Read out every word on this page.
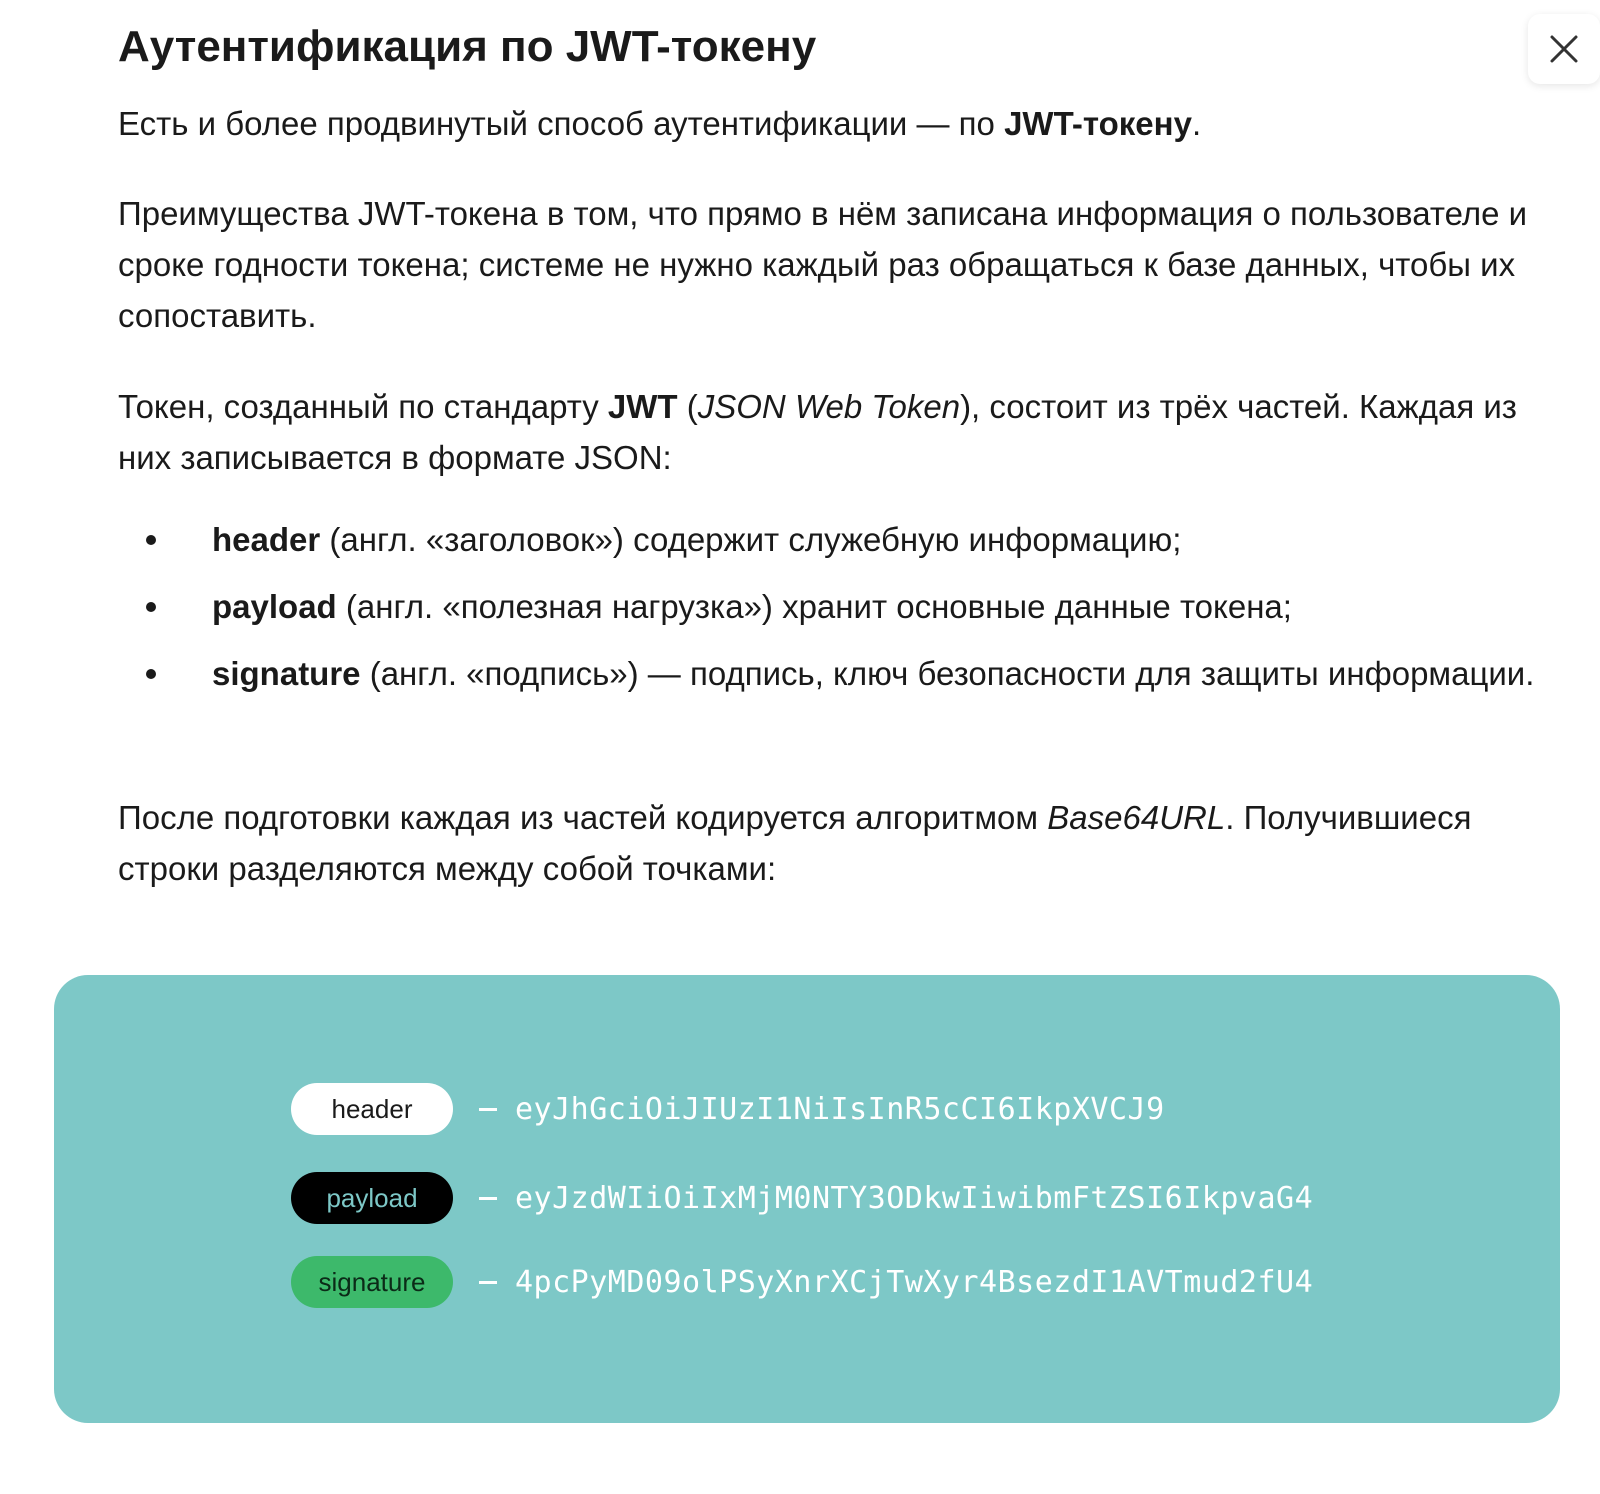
Аутентификация по JWT-токену

Есть и более продвинутый способ аутентификации — по JWT-токену.

Преимущества JWT-токена в том, что прямо в нём записана информация о пользователе и сроке годности токена; системе не нужно каждый раз обращаться к базе данных, чтобы их сопоставить.

Токен, созданный по стандарту JWT (JSON Web Token), состоит из трёх частей. Каждая из них записывается в формате JSON:

header (англ. «заголовок») содержит служебную информацию;
payload (англ. «полезная нагрузка») хранит основные данные токена;
signature (англ. «подпись») — подпись, ключ безопасности для защиты информации.

После подготовки каждая из частей кодируется алгоритмом Base64URL. Получившиеся строки разделяются между собой точками:

header	eyJhGciOiJIUzI1NiIsInR5cCI6IkpXVCJ9
payload	eyJzdWIiOiIxMjM0NTY3ODkwIiwibmFtZSI6IkpvaG4
signature	4pcPyMD09olPSyXnrXCjTwXyr4BsezdI1AVTmud2fU4
